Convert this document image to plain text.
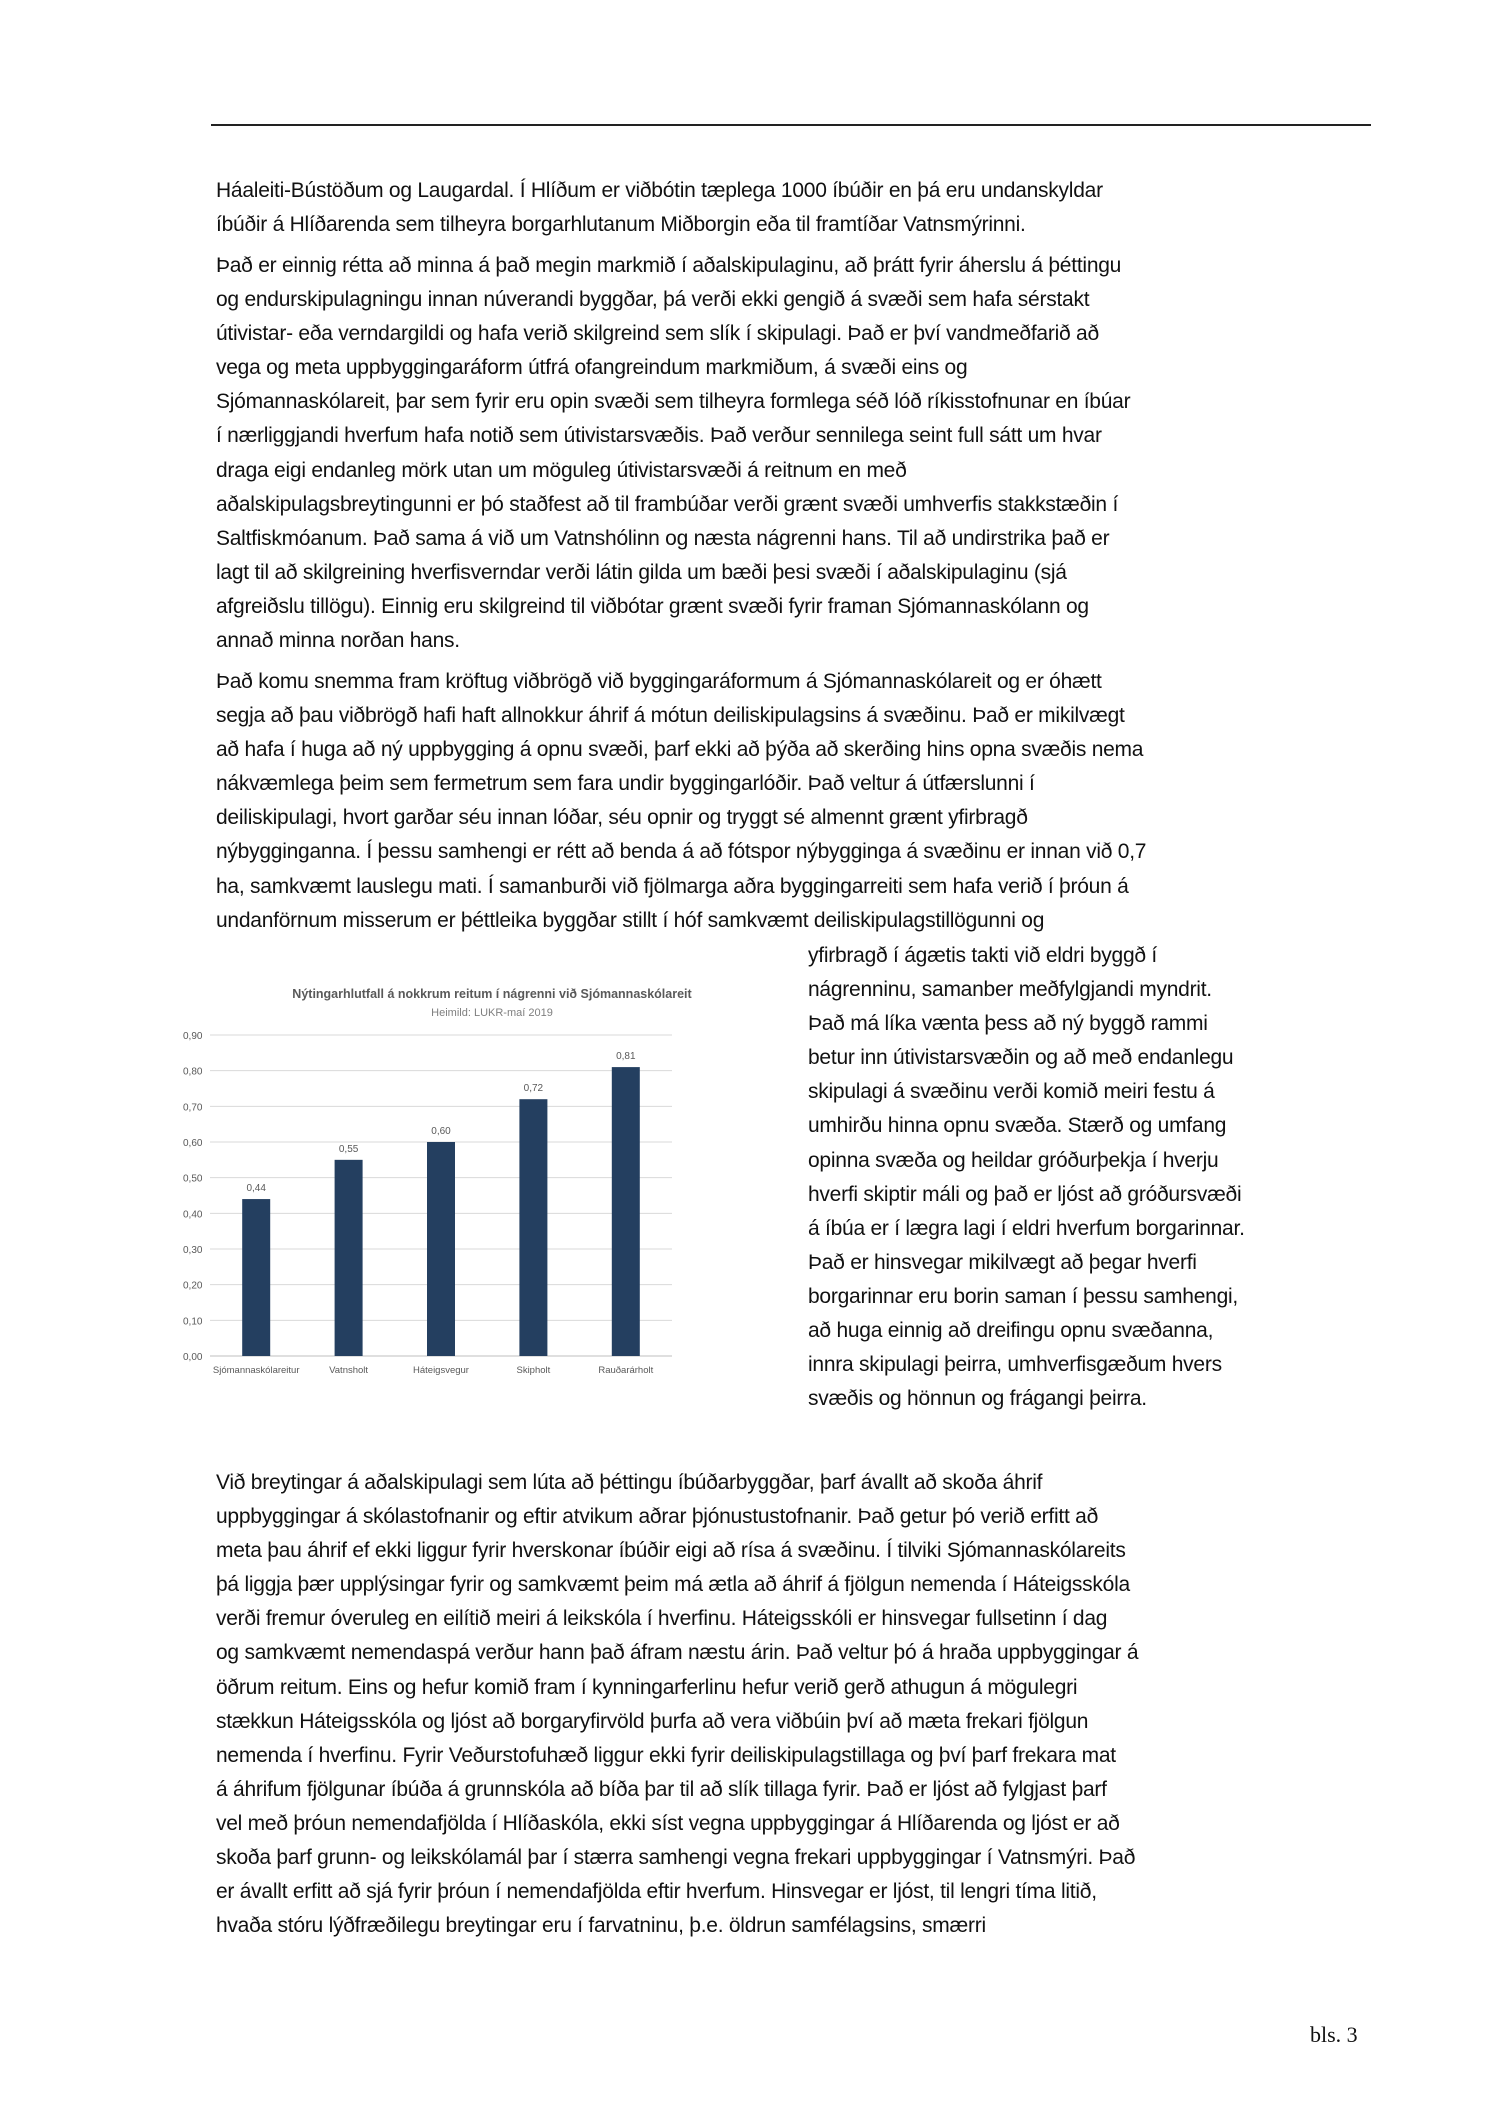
Háaleiti-Bústöðum og Laugardal. Í Hlíðum er viðbótin tæplega 1000 íbúðir en þá eru undanskyldar
íbúðir á Hlíðarenda sem tilheyra borgarhlutanum Miðborgin eða til framtíðar Vatnsmýrinni.
Það er einnig rétta að minna á það megin markmið í aðalskipulaginu, að þrátt fyrir áherslu á þéttingu
og endurskipulagningu innan núverandi byggðar, þá verði ekki gengið á svæði sem hafa sérstakt
útivistar- eða verndargildi og hafa verið skilgreind sem slík í skipulagi. Það er því vandmeðfarið að
vega og meta uppbyggingaráform útfrá ofangreindum markmiðum, á svæði eins og
Sjómannaskólareit, þar sem fyrir eru opin svæði sem tilheyra formlega séð lóð ríkisstofnunar en íbúar
í nærliggjandi hverfum hafa notið sem útivistarsvæðis. Það verður sennilega seint full sátt um hvar
draga eigi endanleg mörk utan um möguleg útivistarsvæði á reitnum en með
aðalskipulagsbreytingunni er þó staðfest að til frambúðar verði grænt svæði umhverfis stakkstæðin í
Saltfiskmóanum. Það sama á við um Vatnshólinn og næsta nágrenni hans. Til að undirstrika það er
lagt til að skilgreining hverfisverndar verði látin gilda um bæði þesi svæði í aðalskipulaginu (sjá
afgreiðslu tillögu). Einnig eru skilgreind til viðbótar grænt svæði fyrir framan Sjómannaskólann og
annað minna norðan hans.
Það komu snemma fram kröftug viðbrögð við byggingaráformum á Sjómannaskólareit og er óhætt
segja að þau viðbrögð hafi haft allnokkur áhrif á mótun deiliskipulagsins á svæðinu. Það er mikilvægt
að hafa í huga að ný uppbygging á opnu svæði, þarf ekki að þýða að skerðing hins opna svæðis nema
nákvæmlega þeim sem fermetrum sem fara undir byggingarlóðir. Það veltur á útfærslunni í
deiliskipulagi, hvort garðar séu innan lóðar, séu opnir og tryggt sé almennt grænt yfirbragð
nýbygginganna. Í þessu samhengi er rétt að benda á að fótspor nýbygginga á svæðinu er innan við 0,7
ha, samkvæmt lauslegu mati. Í samanburði við fjölmarga aðra byggingarreiti sem hafa verið í þróun á
undanförnum misserum er þéttleika byggðar stillt í hóf samkvæmt deiliskipulagstillögunni og
yfirbragð í ágætis takti við eldri byggð í
nágrenninu, samanber meðfylgjandi myndrit.
Það má líka vænta þess að ný byggð rammi
betur inn útivistarsvæðin og að með endanlegu
skipulagi á svæðinu verði komið meiri festu á
umhirðu hinna opnu svæða. Stærð og umfang
opinna svæða og heildar gróðurþekja í hverju
hverfi skiptir máli og það er ljóst að gróðursvæði
á íbúa er í lægra lagi í eldri hverfum borgarinnar.
Það er hinsvegar mikilvægt að þegar hverfi
borgarinnar eru borin saman í þessu samhengi,
að huga einnig að dreifingu opnu svæðanna,
innra skipulagi þeirra, umhverfisgæðum hvers
svæðis og hönnun og frágangi þeirra.
Við breytingar á aðalskipulagi sem lúta að þéttingu íbúðarbyggðar, þarf ávallt að skoða áhrif
uppbyggingar á skólastofnanir og eftir atvikum aðrar þjónustustofnanir. Það getur þó verið erfitt að
meta þau áhrif ef ekki liggur fyrir hverskonar íbúðir eigi að rísa á svæðinu. Í tilviki Sjómannaskólareits
þá liggja þær upplýsingar fyrir og samkvæmt þeim má ætla að áhrif á fjölgun nemenda í Háteigsskóla
verði fremur óveruleg en eilítið meiri á leikskóla í hverfinu. Háteigsskóli er hinsvegar fullsetinn í dag
og samkvæmt nemendaspá verður hann það áfram næstu árin. Það veltur þó á hraða uppbyggingar á
öðrum reitum. Eins og hefur komið fram í kynningarferlinu hefur verið gerð athugun á mögulegri
stækkun Háteigsskóla og ljóst að borgaryfirvöld þurfa að vera viðbúin því að mæta frekari fjölgun
nemenda í hverfinu. Fyrir Veðurstofuhæð liggur ekki fyrir deiliskipulagstillaga og því þarf frekara mat
á áhrifum fjölgunar íbúða á grunnskóla að bíða þar til að slík tillaga fyrir. Það er ljóst að fylgjast þarf
vel með þróun nemendafjölda í Hlíðaskóla, ekki síst vegna uppbyggingar á Hlíðarenda og ljóst er að
skoða þarf grunn- og leikskólamál þar í stærra samhengi vegna frekari uppbyggingar í Vatnsmýri. Það
er ávallt erfitt að sjá fyrir þróun í nemendafjölda eftir hverfum. Hinsvegar er ljóst, til lengri tíma litið,
hvaða stóru lýðfræðilegu breytingar eru í farvatninu, þ.e. öldrun samfélagsins, smærri
Nýtingarhlutfall á nokkrum reitum í nágrenni við Sjómannaskólareit
Heimild: LUKR-maí 2019
0,00
0,10
0,20
0,30
0,40
0,50
0,60
0,70
0,80
0,90
0,44
Sjómannaskólareitur
0,55
Vatnsholt
0,60
Háteigsvegur
0,72
Skipholt
0,81
Rauðarárholt
bls. 3
